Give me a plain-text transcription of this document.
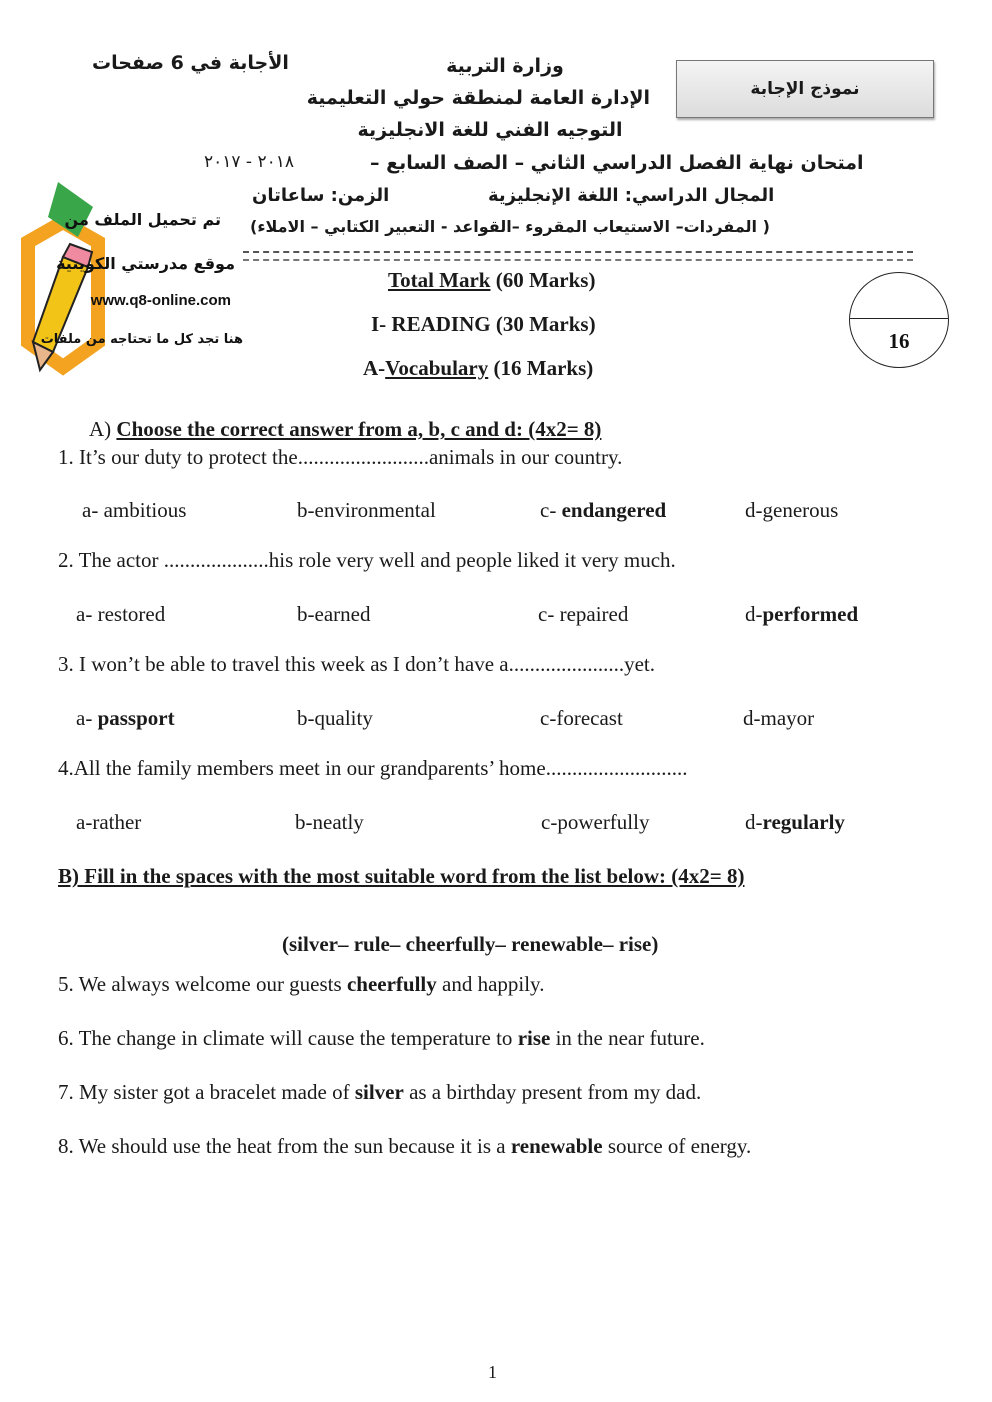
الأجابة في 6 صفحات	وزارة التربية
الإدارة العامة لمنطقة حولي التعليمية
التوجيه الفني للغة الانجليزية
امتحان نهاية الفصل الدراسي الثاني – الصف السابع –
٢٠١٨ - ٢٠١٧
المجال الدراسي: اللغة الإنجليزية
الزمن: ساعاتان
( المفردات– الاستيعاب المقروء –القواعد - التعبير الكتابي – الاملاء)
نموذج الإجابة
تم تحميل الملف من
موقع مدرستي الكويتية
www.q8-online.com
هنا تجد كل ما تحتاجه من ملفات
Total Mark (60 Marks)
I- READING (30 Marks)
A-Vocabulary (16 Marks)
16
A) Choose the correct answer from a, b, c and d: (4x2= 8)
1. It’s our duty to protect the.........................animals in our country.
a- ambitious	b-environmental	c- endangered	d-generous
2. The actor ....................his role very well and people liked it very much.
a- restored	b-earned	c- repaired	d-performed
3. I won’t be able to travel this week as I don’t have a......................yet.
a- passport	b-quality	c-forecast	d-mayor
4.All the family members meet in our grandparents’ home...........................
a-rather	b-neatly	c-powerfully	d-regularly
B) Fill in the spaces with the most suitable word from the list below: (4x2= 8)
(silver– rule– cheerfully– renewable– rise)
5. We always welcome our guests cheerfully and happily.
6. The change in climate will cause the temperature to rise in the near future.
7. My sister got a bracelet made of silver as a birthday present from my dad.
8. We should use the heat from the sun because it is a renewable source of energy.
1
